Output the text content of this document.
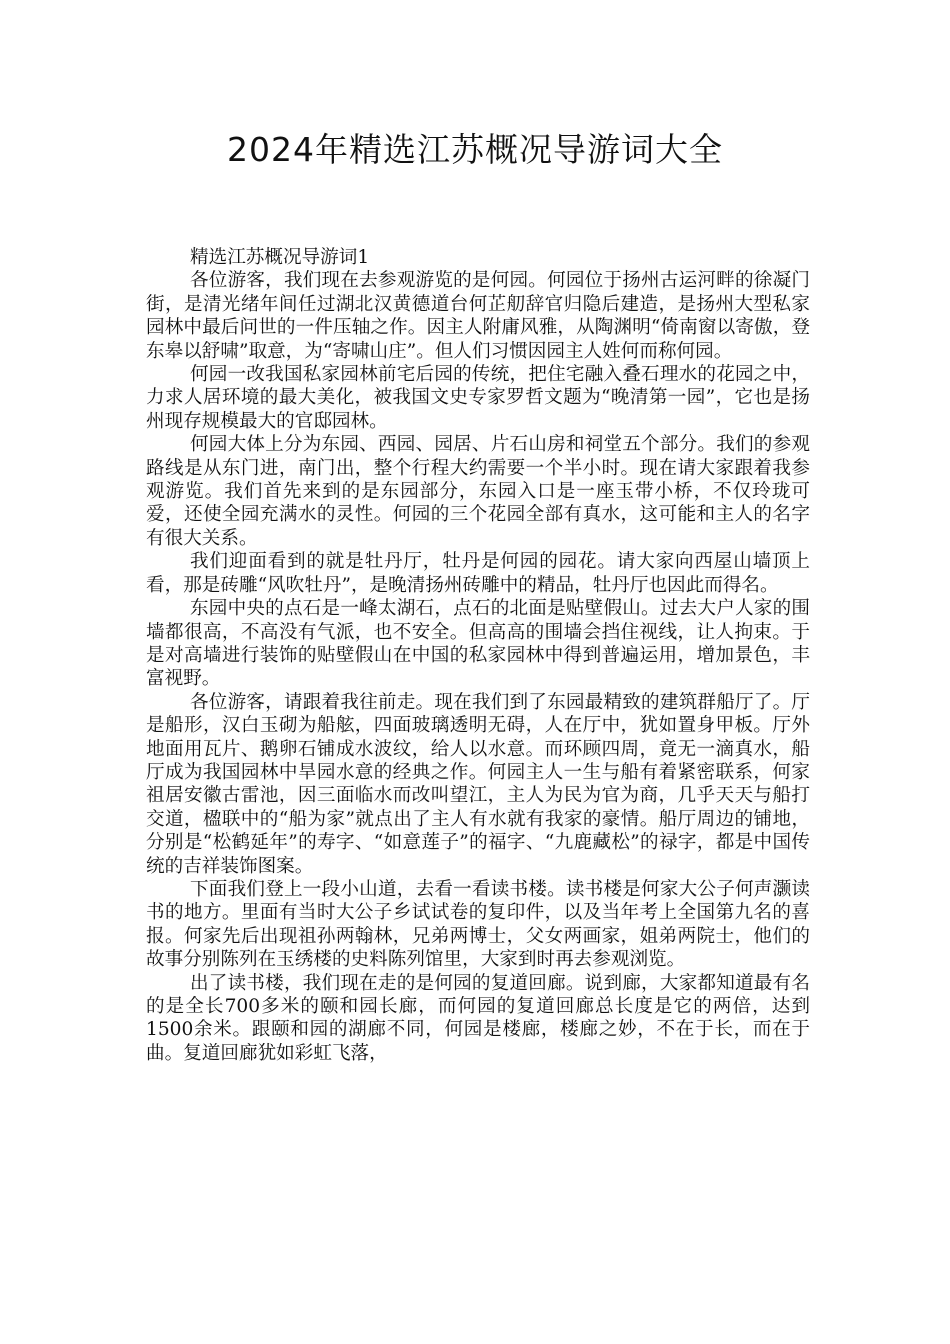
2024年精选江苏概况导游词大全

精选江苏概况导游词1

各位游客，我们现在去参观游览的是何园。何园位于扬州古运河畔的徐凝门街，是清光绪年间任过湖北汉黄德道台何芷舠辞官归隐后建造，是扬州大型私家园林中最后问世的一件压轴之作。因主人附庸风雅，从陶渊明“倚南窗以寄傲，登东皋以舒啸”取意，为“寄啸山庄”。但人们习惯因园主人姓何而称何园。

何园一改我国私家园林前宅后园的传统，把住宅融入叠石理水的花园之中，力求人居环境的最大美化，被我国文史专家罗哲文题为“晚清第一园”，它也是扬州现存规模最大的官邸园林。

何园大体上分为东园、西园、园居、片石山房和祠堂五个部分。我们的参观路线是从东门进，南门出，整个行程大约需要一个半小时。现在请大家跟着我参观游览。我们首先来到的是东园部分，东园入口是一座玉带小桥，不仅玲珑可爱，还使全园充满水的灵性。何园的三个花园全部有真水，这可能和主人的名字有很大关系。

我们迎面看到的就是牡丹厅，牡丹是何园的园花。请大家向西屋山墙顶上看，那是砖雕“风吹牡丹”，是晚清扬州砖雕中的精品，牡丹厅也因此而得名。

东园中央的点石是一峰太湖石，点石的北面是贴壁假山。过去大户人家的围墙都很高，不高没有气派，也不安全。但高高的围墙会挡住视线，让人拘束。于是对高墙进行装饰的贴壁假山在中国的私家园林中得到普遍运用，增加景色，丰富视野。

各位游客，请跟着我往前走。现在我们到了东园最精致的建筑群船厅了。厅是船形，汉白玉砌为船舷，四面玻璃透明无碍，人在厅中，犹如置身甲板。厅外地面用瓦片、鹅卵石铺成水波纹，给人以水意。而环顾四周，竟无一滴真水，船厅成为我国园林中旱园水意的经典之作。何园主人一生与船有着紧密联系，何家祖居安徽古雷池，因三面临水而改叫望江，主人为民为官为商，几乎天天与船打交道，楹联中的“船为家”就点出了主人有水就有我家的豪情。船厅周边的铺地，分别是“松鹤延年”的寿字、“如意莲子”的福字、“九鹿藏松”的禄字，都是中国传统的吉祥装饰图案。

下面我们登上一段小山道，去看一看读书楼。读书楼是何家大公子何声灏读书的地方。里面有当时大公子乡试试卷的复印件，以及当年考上全国第九名的喜报。何家先后出现祖孙两翰林，兄弟两博士，父女两画家，姐弟两院士，他们的故事分别陈列在玉绣楼的史料陈列馆里，大家到时再去参观浏览。

出了读书楼，我们现在走的是何园的复道回廊。说到廊，大家都知道最有名的是全长700多米的颐和园长廊，而何园的复道回廊总长度是它的两倍，达到1500余米。跟颐和园的湖廊不同，何园是楼廊，楼廊之妙，不在于长，而在于曲。复道回廊犹如彩虹飞落，
